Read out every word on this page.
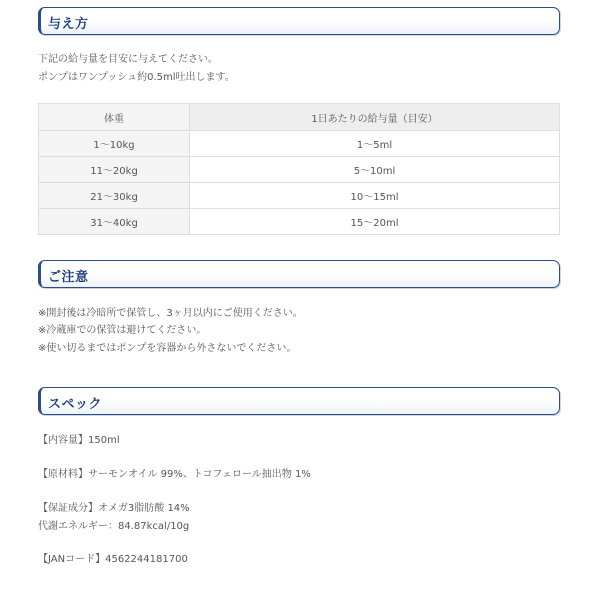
与え方
下記の給与量を目安に与えてください。
ポンプはワンプッシュ約0.5ml吐出します。
体重	1日あたりの給与量（目安）
1～10kg	1～5ml
11～20kg	5～10ml
21～30kg	10～15ml
31～40kg	15～20ml
ご注意
※開封後は冷暗所で保管し、3ヶ月以内にご使用ください。
※冷蔵庫での保管は避けてください。
※使い切るまではポンプを容器から外さないでください。
スペック
【内容量】150ml
【原材料】サーモンオイル 99%、トコフェロール抽出物 1%
【保証成分】オメガ3脂肪酸 14%
代謝エネルギー：84.87kcal/10g
【JANコード】4562244181700
